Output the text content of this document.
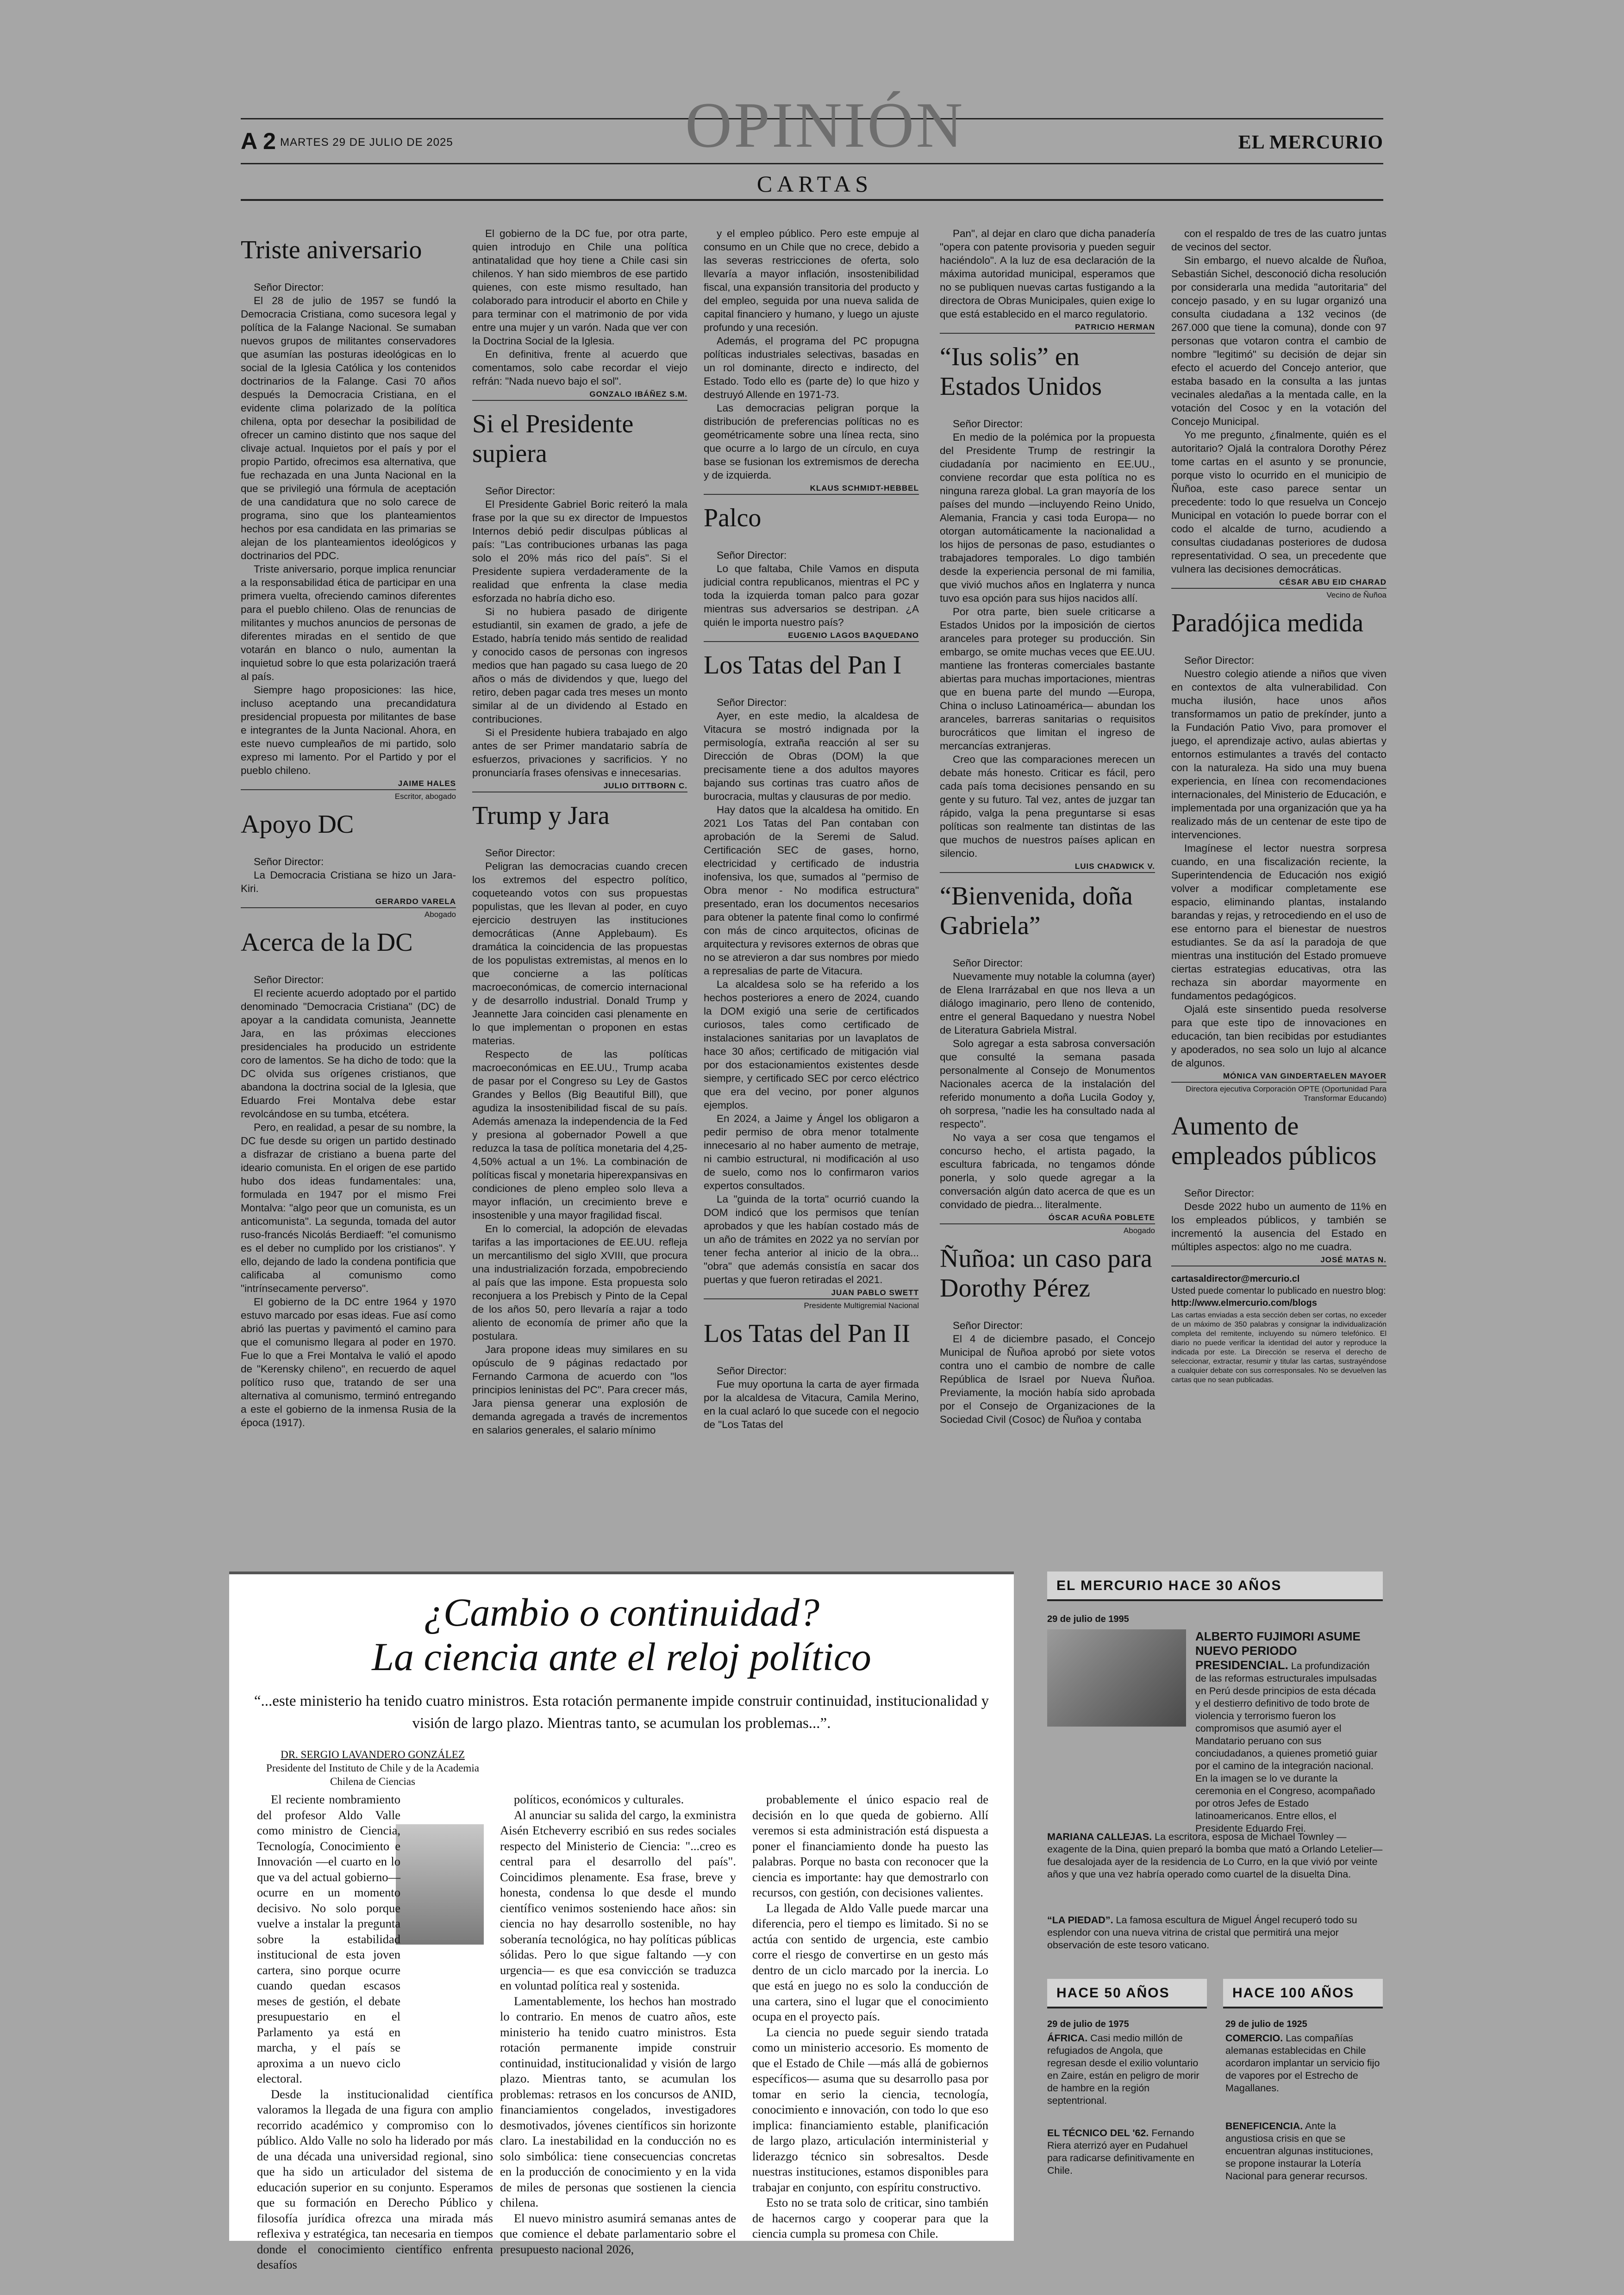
A 2 MARTES 29 DE JULIO DE 2025	OPINIÓN	EL MERCURIO
CARTAS
Triste aniversario

Señor Director:

El 28 de julio de 1957 se fundó la Democracia Cristiana, como sucesora legal y política de la Falange Nacional. Se sumaban nuevos grupos de militantes conservadores que asumían las posturas ideológicas en lo social de la Iglesia Católica y los contenidos doctrinarios de la Falange. Casi 70 años después la Democracia Cristiana, en el evidente clima polarizado de la política chilena, opta por desechar la posibilidad de ofrecer un camino distinto que nos saque del clivaje actual. Inquietos por el país y por el propio Partido, ofrecimos esa alternativa, que fue rechazada en una Junta Nacional en la que se privilegió una fórmula de aceptación de una candidatura que no solo carece de programa, sino que los planteamientos hechos por esa candidata en las primarias se alejan de los planteamientos ideológicos y doctrinarios del PDC.

Triste aniversario, porque implica renunciar a la responsabilidad ética de participar en una primera vuelta, ofreciendo caminos diferentes para el pueblo chileno. Olas de renuncias de militantes y muchos anuncios de personas de diferentes miradas en el sentido de que votarán en blanco o nulo, aumentan la inquietud sobre lo que esta polarización traerá al país.

Siempre hago proposiciones: las hice, incluso aceptando una precandidatura presidencial propuesta por militantes de base e integrantes de la Junta Nacional. Ahora, en este nuevo cumpleaños de mi partido, solo expreso mi lamento. Por el Partido y por el pueblo chileno.

JAIME HALES
Escritor, abogado
Apoyo DC

Señor Director:

La Democracia Cristiana se hizo un Jara-Kiri.

GERARDO VARELA
Abogado
Acerca de la DC

Señor Director:

El reciente acuerdo adoptado por el partido denominado "Democracia Cristiana" (DC) de apoyar a la candidata comunista, Jeannette Jara, en las próximas elecciones presidenciales ha producido un estridente coro de lamentos. Se ha dicho de todo: que la DC olvida sus orígenes cristianos, que abandona la doctrina social de la Iglesia, que Eduardo Frei Montalva debe estar revolcándose en su tumba, etcétera.

Pero, en realidad, a pesar de su nombre, la DC fue desde su origen un partido destinado a disfrazar de cristiano a buena parte del ideario comunista. En el origen de ese partido hubo dos ideas fundamentales: una, formulada en 1947 por el mismo Frei Montalva: "algo peor que un comunista, es un anticomunista". La segunda, tomada del autor ruso-francés Nicolás Berdiaeff: "el comunismo es el deber no cumplido por los cristianos". Y ello, dejando de lado la condena pontificia que calificaba al comunismo como "intrínsecamente perverso".

El gobierno de la DC entre 1964 y 1970 estuvo marcado por esas ideas. Fue así como abrió las puertas y pavimentó el camino para que el comunismo llegara al poder en 1970. Fue lo que a Frei Montalva le valió el apodo de "Kerensky chileno", en recuerdo de aquel político ruso que, tratando de ser una alternativa al comunismo, terminó entregando a este el gobierno de la inmensa Rusia de la época (1917).

El gobierno de la DC fue, por otra parte, quien introdujo en Chile una política antinatalidad que hoy tiene a Chile casi sin chilenos. Y han sido miembros de ese partido quienes, con este mismo resultado, han colaborado para introducir el aborto en Chile y para terminar con el matrimonio de por vida entre una mujer y un varón. Nada que ver con la Doctrina Social de la Iglesia.

En definitiva, frente al acuerdo que comentamos, solo cabe recordar el viejo refrán: "Nada nuevo bajo el sol".

GONZALO IBÁÑEZ S.M.
Si el Presidente supiera

Señor Director:

El Presidente Gabriel Boric reiteró la mala frase por la que su ex director de Impuestos Internos debió pedir disculpas públicas al país: "Las contribuciones urbanas las paga solo el 20% más rico del país". Si el Presidente supiera verdaderamente de la realidad que enfrenta la clase media esforzada no habría dicho eso.

Si no hubiera pasado de dirigente estudiantil, sin examen de grado, a jefe de Estado, habría tenido más sentido de realidad y conocido casos de personas con ingresos medios que han pagado su casa luego de 20 años o más de dividendos y que, luego del retiro, deben pagar cada tres meses un monto similar al de un dividendo al Estado en contribuciones.

Si el Presidente hubiera trabajado en algo antes de ser Primer mandatario sabría de esfuerzos, privaciones y sacrificios. Y no pronunciaría frases ofensivas e innecesarias.

JULIO DITTBORN C.
Trump y Jara

Señor Director:

Peligran las democracias cuando crecen los extremos del espectro político, coqueteando votos con sus propuestas populistas, que les llevan al poder, en cuyo ejercicio destruyen las instituciones democráticas (Anne Applebaum). Es dramática la coincidencia de las propuestas de los populistas extremistas, al menos en lo que concierne a las políticas macroeconómicas, de comercio internacional y de desarrollo industrial. Donald Trump y Jeannette Jara coinciden casi plenamente en lo que implementan o proponen en estas materias.

Respecto de las políticas macroeconómicas en EE.UU., Trump acaba de pasar por el Congreso su Ley de Gastos Grandes y Bellos (Big Beautiful Bill), que agudiza la insostenibilidad fiscal de su país. Además amenaza la independencia de la Fed y presiona al gobernador Powell a que reduzca la tasa de política monetaria del 4,25-4,50% actual a un 1%. La combinación de políticas fiscal y monetaria hiperexpansivas en condiciones de pleno empleo solo lleva a mayor inflación, un crecimiento breve e insostenible y una mayor fragilidad fiscal.

En lo comercial, la adopción de elevadas tarifas a las importaciones de EE.UU. refleja un mercantilismo del siglo XVIII, que procura una industrialización forzada, empobreciendo al país que las impone. Esta propuesta solo reconjuera a los Prebisch y Pinto de la Cepal de los años 50, pero llevaría a rajar a todo aliento de economía de primer año que la postulara.

Jara propone ideas muy similares en su opúsculo de 9 páginas redactado por Fernando Carmona de acuerdo con "los principios leninistas del PC". Para crecer más, Jara piensa generar una explosión de demanda agregada a través de incrementos en salarios generales, el salario mínimo

y el empleo público. Pero este empuje al consumo en un Chile que no crece, debido a las severas restricciones de oferta, solo llevaría a mayor inflación, insostenibilidad fiscal, una expansión transitoria del producto y del empleo, seguida por una nueva salida de capital financiero y humano, y luego un ajuste profundo y una recesión.

Además, el programa del PC propugna políticas industriales selectivas, basadas en un rol dominante, directo e indirecto, del Estado. Todo ello es (parte de) lo que hizo y destruyó Allende en 1971-73.

Las democracias peligran porque la distribución de preferencias políticas no es geométricamente sobre una línea recta, sino que ocurre a lo largo de un círculo, en cuya base se fusionan los extremismos de derecha y de izquierda.

KLAUS SCHMIDT-HEBBEL
Palco

Señor Director:

Lo que faltaba, Chile Vamos en disputa judicial contra republicanos, mientras el PC y toda la izquierda toman palco para gozar mientras sus adversarios se destripan. ¿A quién le importa nuestro país?

EUGENIO LAGOS BAQUEDANO
Los Tatas del Pan I

Señor Director:

Ayer, en este medio, la alcaldesa de Vitacura se mostró indignada por la permisología, extraña reacción al ser su Dirección de Obras (DOM) la que precisamente tiene a dos adultos mayores bajando sus cortinas tras cuatro años de burocracia, multas y clausuras de por medio.

Hay datos que la alcaldesa ha omitido. En 2021 Los Tatas del Pan contaban con aprobación de la Seremi de Salud. Certificación SEC de gases, horno, electricidad y certificado de industria inofensiva, los que, sumados al "permiso de Obra menor - No modifica estructura" presentado, eran los documentos necesarios para obtener la patente final como lo confirmé con más de cinco arquitectos, oficinas de arquitectura y revisores externos de obras que no se atrevieron a dar sus nombres por miedo a represalias de parte de Vitacura.

La alcaldesa solo se ha referido a los hechos posteriores a enero de 2024, cuando la DOM exigió una serie de certificados curiosos, tales como certificado de instalaciones sanitarias por un lavaplatos de hace 30 años; certificado de mitigación vial por dos estacionamientos existentes desde siempre, y certificado SEC por cerco eléctrico que era del vecino, por poner algunos ejemplos.

En 2024, a Jaime y Ángel los obligaron a pedir permiso de obra menor totalmente innecesario al no haber aumento de metraje, ni cambio estructural, ni modificación al uso de suelo, como nos lo confirmaron varios expertos consultados.

La "guinda de la torta" ocurrió cuando la DOM indicó que los permisos que tenían aprobados y que les habían costado más de un año de trámites en 2022 ya no servían por tener fecha anterior al inicio de la obra... "obra" que además consistía en sacar dos puertas y que fueron retiradas el 2021.

JUAN PABLO SWETT
Presidente Multigremial Nacional
Los Tatas del Pan II

Señor Director:

Fue muy oportuna la carta de ayer firmada por la alcaldesa de Vitacura, Camila Merino, en la cual aclaró lo que sucede con el negocio de "Los Tatas del

Pan", al dejar en claro que dicha panadería "opera con patente provisoria y pueden seguir haciéndolo". A la luz de esa declaración de la máxima autoridad municipal, esperamos que no se publiquen nuevas cartas fustigando a la directora de Obras Municipales, quien exige lo que está establecido en el marco regulatorio.

PATRICIO HERMAN
“Ius solis” en Estados Unidos

Señor Director:

En medio de la polémica por la propuesta del Presidente Trump de restringir la ciudadanía por nacimiento en EE.UU., conviene recordar que esta política no es ninguna rareza global. La gran mayoría de los países del mundo —incluyendo Reino Unido, Alemania, Francia y casi toda Europa— no otorgan automáticamente la nacionalidad a los hijos de personas de paso, estudiantes o trabajadores temporales. Lo digo también desde la experiencia personal de mi familia, que vivió muchos años en Inglaterra y nunca tuvo esa opción para sus hijos nacidos allí.

Por otra parte, bien suele criticarse a Estados Unidos por la imposición de ciertos aranceles para proteger su producción. Sin embargo, se omite muchas veces que EE.UU. mantiene las fronteras comerciales bastante abiertas para muchas importaciones, mientras que en buena parte del mundo —Europa, China o incluso Latinoamérica— abundan los aranceles, barreras sanitarias o requisitos burocráticos que limitan el ingreso de mercancías extranjeras.

Creo que las comparaciones merecen un debate más honesto. Criticar es fácil, pero cada país toma decisiones pensando en su gente y su futuro. Tal vez, antes de juzgar tan rápido, valga la pena preguntarse si esas políticas son realmente tan distintas de las que muchos de nuestros países aplican en silencio.

LUIS CHADWICK V.
“Bienvenida, doña Gabriela”

Señor Director:

Nuevamente muy notable la columna (ayer) de Elena Irarrázabal en que nos lleva a un diálogo imaginario, pero lleno de contenido, entre el general Baquedano y nuestra Nobel de Literatura Gabriela Mistral.

Solo agregar a esta sabrosa conversación que consulté la semana pasada personalmente al Consejo de Monumentos Nacionales acerca de la instalación del referido monumento a doña Lucila Godoy y, oh sorpresa, "nadie les ha consultado nada al respecto".

No vaya a ser cosa que tengamos el concurso hecho, el artista pagado, la escultura fabricada, no tengamos dónde ponerla, y solo quede agregar a la conversación algún dato acerca de que es un convidado de piedra... literalmente.

ÓSCAR ACUÑA POBLETE
Abogado
Ñuñoa: un caso para Dorothy Pérez

Señor Director:

El 4 de diciembre pasado, el Concejo Municipal de Ñuñoa aprobó por siete votos contra uno el cambio de nombre de calle República de Israel por Nueva Ñuñoa. Previamente, la moción había sido aprobada por el Consejo de Organizaciones de la Sociedad Civil (Cosoc) de Ñuñoa y contaba

con el respaldo de tres de las cuatro juntas de vecinos del sector.

Sin embargo, el nuevo alcalde de Ñuñoa, Sebastián Sichel, desconoció dicha resolución por considerarla una medida "autoritaria" del concejo pasado, y en su lugar organizó una consulta ciudadana a 132 vecinos (de 267.000 que tiene la comuna), donde con 97 personas que votaron contra el cambio de nombre "legitimó" su decisión de dejar sin efecto el acuerdo del Concejo anterior, que estaba basado en la consulta a las juntas vecinales aledañas a la mentada calle, en la votación del Cosoc y en la votación del Concejo Municipal.

Yo me pregunto, ¿finalmente, quién es el autoritario? Ojalá la contralora Dorothy Pérez tome cartas en el asunto y se pronuncie, porque visto lo ocurrido en el municipio de Ñuñoa, este caso parece sentar un precedente: todo lo que resuelva un Concejo Municipal en votación lo puede borrar con el codo el alcalde de turno, acudiendo a consultas ciudadanas posteriores de dudosa representatividad. O sea, un precedente que vulnera las decisiones democráticas.

CÉSAR ABU EID CHARAD
Vecino de Ñuñoa
Paradójica medida

Señor Director:

Nuestro colegio atiende a niños que viven en contextos de alta vulnerabilidad. Con mucha ilusión, hace unos años transformamos un patio de prekínder, junto a la Fundación Patio Vivo, para promover el juego, el aprendizaje activo, aulas abiertas y entornos estimulantes a través del contacto con la naturaleza. Ha sido una muy buena experiencia, en línea con recomendaciones internacionales, del Ministerio de Educación, e implementada por una organización que ya ha realizado más de un centenar de este tipo de intervenciones.

Imagínese el lector nuestra sorpresa cuando, en una fiscalización reciente, la Superintendencia de Educación nos exigió volver a modificar completamente ese espacio, eliminando plantas, instalando barandas y rejas, y retrocediendo en el uso de ese entorno para el bienestar de nuestros estudiantes. Se da así la paradoja de que mientras una institución del Estado promueve ciertas estrategias educativas, otra las rechaza sin abordar mayormente en fundamentos pedagógicos.

Ojalá este sinsentido pueda resolverse para que este tipo de innovaciones en educación, tan bien recibidas por estudiantes y apoderados, no sea solo un lujo al alcance de algunos.

MÓNICA VAN GINDERTAELEN MAYOER
Directora ejecutiva Corporación OPTE (Oportunidad Para Transformar Educando)
Aumento de empleados públicos

Señor Director:

Desde 2022 hubo un aumento de 11% en los empleados públicos, y también se incrementó la ausencia del Estado en múltiples aspectos: algo no me cuadra.

JOSÉ MATAS N.
cartasaldirector@mercurio.cl
Usted puede comentar lo publicado en nuestro blog:
http://www.elmercurio.com/blogs
Las cartas enviadas a esta sección deben ser cortas, no exceder de un máximo de 350 palabras y consignar la individualización completa del remitente, incluyendo su número telefónico. El diario no puede verificar la identidad del autor y reproduce la indicada por este. La Dirección se reserva el derecho de seleccionar, extractar, resumir y titular las cartas, sustrayéndose a cualquier debate con sus corresponsales. No se devuelven las cartas que no sean publicadas.
¿Cambio o continuidad?
La ciencia ante el reloj político
“...este ministerio ha tenido cuatro ministros. Esta rotación permanente impide construir continuidad, institucionalidad y visión de largo plazo. Mientras tanto, se acumulan los problemas...”.
DR. SERGIO LAVANDERO GONZÁLEZ
Presidente del Instituto de Chile y de la Academia Chilena de Ciencias

El reciente nombramiento del profesor Aldo Valle como ministro de Ciencia, Tecnología, Conocimiento e Innovación —el cuarto en lo que va del actual gobierno— ocurre en un momento decisivo. No solo porque vuelve a instalar la pregunta sobre la estabilidad institucional de esta joven cartera, sino porque ocurre cuando quedan escasos meses de gestión, el debate presupuestario en el Parlamento ya está en marcha, y el país se aproxima a un nuevo ciclo electoral.

Desde la institucionalidad científica valoramos la llegada de una figura con amplio recorrido académico y compromiso con lo público. Aldo Valle no solo ha liderado por más de una década una universidad regional, sino que ha sido un articulador del sistema de educación superior en su conjunto. Esperamos que su formación en Derecho Público y filosofía jurídica ofrezca una mirada más reflexiva y estratégica, tan necesaria en tiempos donde el conocimiento científico enfrenta desafíos

políticos, económicos y culturales.

Al anunciar su salida del cargo, la exministra Aisén Etcheverry escribió en sus redes sociales respecto del Ministerio de Ciencia: "...creo es central para el desarrollo del país". Coincidimos plenamente. Esa frase, breve y honesta, condensa lo que desde el mundo científico venimos sosteniendo hace años: sin ciencia no hay desarrollo sostenible, no hay soberanía tecnológica, no hay políticas públicas sólidas. Pero lo que sigue faltando —y con urgencia— es que esa convicción se traduzca en voluntad política real y sostenida.

Lamentablemente, los hechos han mostrado lo contrario. En menos de cuatro años, este ministerio ha tenido cuatro ministros. Esta rotación permanente impide construir continuidad, institucionalidad y visión de largo plazo. Mientras tanto, se acumulan los problemas: retrasos en los concursos de ANID, financiamientos congelados, investigadores desmotivados, jóvenes científicos sin horizonte claro. La inestabilidad en la conducción no es solo simbólica: tiene consecuencias concretas en la producción de conocimiento y en la vida de miles de personas que sostienen la ciencia chilena.

El nuevo ministro asumirá semanas antes de que comience el debate parlamentario sobre el presupuesto nacional 2026,

probablemente el único espacio real de decisión en lo que queda de gobierno. Allí veremos si esta administración está dispuesta a poner el financiamiento donde ha puesto las palabras. Porque no basta con reconocer que la ciencia es importante: hay que demostrarlo con recursos, con gestión, con decisiones valientes.

La llegada de Aldo Valle puede marcar una diferencia, pero el tiempo es limitado. Si no se actúa con sentido de urgencia, este cambio corre el riesgo de convertirse en un gesto más dentro de un ciclo marcado por la inercia. Lo que está en juego no es solo la conducción de una cartera, sino el lugar que el conocimiento ocupa en el proyecto país.

La ciencia no puede seguir siendo tratada como un ministerio accesorio. Es momento de que el Estado de Chile —más allá de gobiernos específicos— asuma que su desarrollo pasa por tomar en serio la ciencia, tecnología, conocimiento e innovación, con todo lo que eso implica: financiamiento estable, planificación de largo plazo, articulación interministerial y liderazgo técnico sin sobresaltos. Desde nuestras instituciones, estamos disponibles para trabajar en conjunto, con espíritu constructivo.

Esto no se trata solo de criticar, sino también de hacernos cargo y cooperar para que la ciencia cumpla su promesa con Chile.

EL MERCURIO HACE 30 AÑOS
29 de julio de 1995
ALBERTO FUJIMORI ASUME NUEVO PERIODO PRESIDENCIAL. La profundización de las reformas estructurales impulsadas en Perú desde principios de esta década y el destierro definitivo de todo brote de violencia y terrorismo fueron los compromisos que asumió ayer el Mandatario peruano con sus conciudadanos, a quienes prometió guiar por el camino de la integración nacional. En la imagen se lo ve durante la ceremonia en el Congreso, acompañado por otros Jefes de Estado latinoamericanos. Entre ellos, el Presidente Eduardo Frei.
MARIANA CALLEJAS. La escritora, esposa de Michael Townley —exagente de la Dina, quien preparó la bomba que mató a Orlando Letelier— fue desalojada ayer de la residencia de Lo Curro, en la que vivió por veinte años y que una vez habría operado como cuartel de la disuelta Dina.
“LA PIEDAD”. La famosa escultura de Miguel Ángel recuperó todo su esplendor con una nueva vitrina de cristal que permitirá una mejor observación de este tesoro vaticano.
HACE 50 AÑOS
29 de julio de 1975
ÁFRICA. Casi medio millón de refugiados de Angola, que regresan desde el exilio voluntario en Zaire, están en peligro de morir de hambre en la región septentrional.
EL TÉCNICO DEL '62. Fernando Riera aterrizó ayer en Pudahuel para radicarse definitivamente en Chile.
HACE 100 AÑOS
29 de julio de 1925
COMERCIO. Las compañías alemanas establecidas en Chile acordaron implantar un servicio fijo de vapores por el Estrecho de Magallanes.
BENEFICENCIA. Ante la angustiosa crisis en que se encuentran algunas instituciones, se propone instaurar la Lotería Nacional para generar recursos.
